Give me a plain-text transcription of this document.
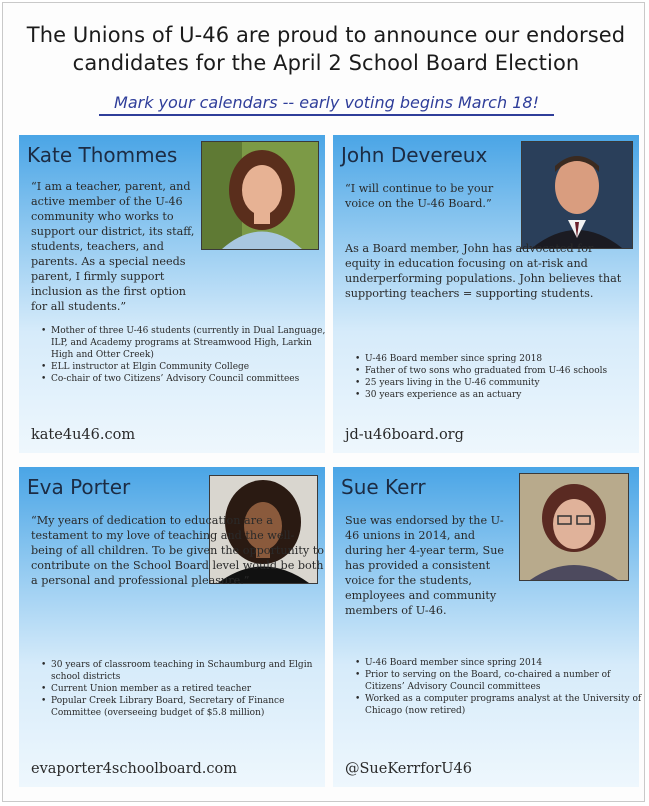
The Unions of U-46 are proud to announce our endorsed
candidates for the April 2 School Board Election
Mark your calendars -- early voting begins March 18!
Kate Thommes
“I am a teacher, parent, and active member of the U-46 community who works to support our district, its staff, students, teachers, and parents. As a special needs parent, I firmly support inclusion as the first option for all students.”
• Mother of three U-46 students (currently in Dual Language, ILP, and Academy programs at Streamwood High, Larkin High and Otter Creek)
• ELL instructor at Elgin Community College
• Co-chair of two Citizens’ Advisory Council committees
kate4u46.com
John Devereux
“I will continue to be your voice on the U-46 Board.”
As a Board member, John has advocated for equity in education focusing on at-risk and underperforming populations. John believes that supporting teachers = supporting students.
• U-46 Board member since spring 2018
• Father of two sons who graduated from U-46 schools
• 25 years living in the U-46 community
• 30 years experience as an actuary
jd-u46board.org
Eva Porter
“My years of dedication to education are a testament to my love of teaching and the well-being of all children. To be given the opportunity to contribute on the School Board level would be both a personal and professional pleasure.”
• 30 years of classroom teaching in Schaumburg and Elgin school districts
• Current Union member as a retired teacher
• Popular Creek Library Board, Secretary of Finance Committee (overseeing budget of $5.8 million)
evaporter4schoolboard.com
Sue Kerr
Sue was endorsed by the U-46 unions in 2014, and during her 4-year term, Sue has provided a consistent voice for the students, employees and community members of U-46.
• U-46 Board member since spring 2014
• Prior to serving on the Board, co-chaired a number of Citizens’ Advisory Council committees
• Worked as a computer programs analyst at the University of Chicago (now retired)
@SueKerrforU46
